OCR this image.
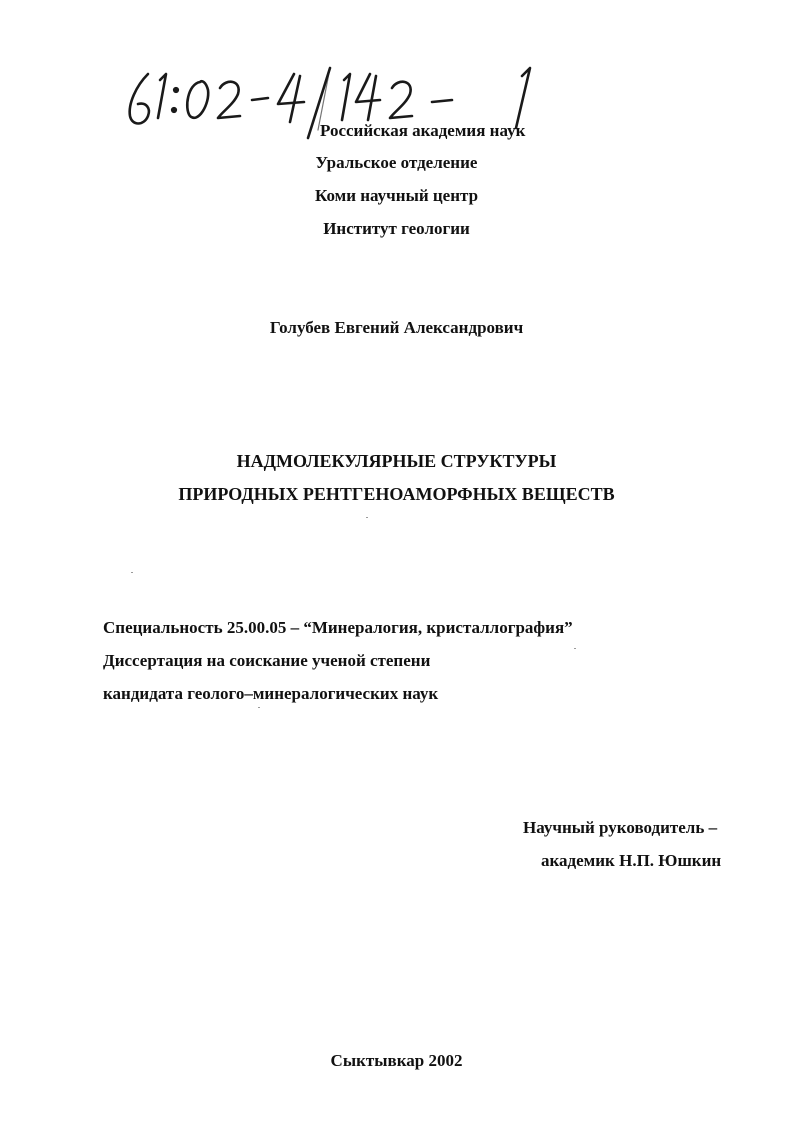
Российская академия наук
Уральское отделение
Коми научный центр
Институт геологии
Голубев Евгений Александрович
НАДМОЛЕКУЛЯРНЫЕ СТРУКТУРЫ
ПРИРОДНЫХ РЕНТГЕНОАМОРФНЫХ ВЕЩЕСТВ
Специальность 25.00.05 – “Минералогия, кристаллография”
Диссертация на соискание ученой степени
кандидата геолого–минералогических наук
Научный руководитель –
академик Н.П. Юшкин
Сыктывкар 2002
